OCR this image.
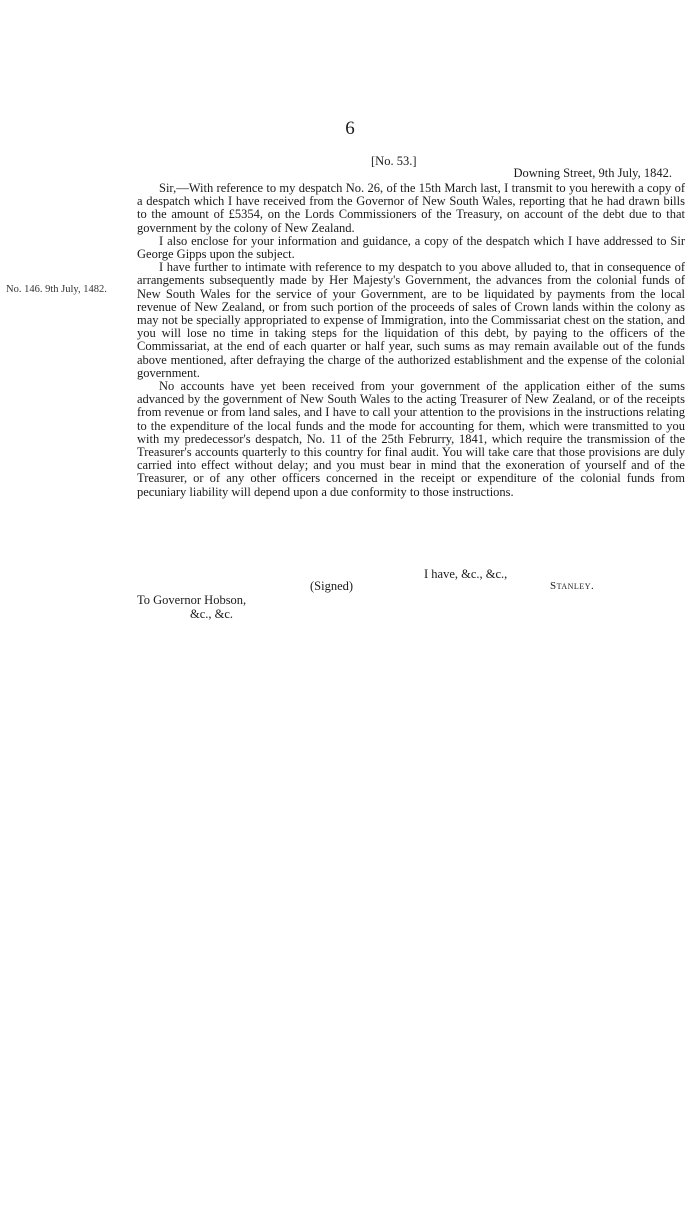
6
[No. 53.]
Downing Street, 9th July, 1842.
No. 146. 9th July, 1482.

Sir,—With reference to my despatch No. 26, of the 15th March last, I transmit to you herewith a copy of a despatch which I have received from the Governor of New South Wales, reporting that he had drawn bills to the amount of £5354, on the Lords Commissioners of the Treasury, on account of the debt due to that government by the colony of New Zealand.

I also enclose for your information and guidance, a copy of the despatch which I have addressed to Sir George Gipps upon the subject.

I have further to intimate with reference to my despatch to you above alluded to, that in consequence of arrangements subsequently made by Her Majesty's Government, the advances from the colonial funds of New South Wales for the service of your Government, are to be liquidated by payments from the local revenue of New Zealand, or from such portion of the proceeds of sales of Crown lands within the colony as may not be specially appropriated to expense of Immigration, into the Commissariat chest on the station, and you will lose no time in taking steps for the liquidation of this debt, by paying to the officers of the Commissariat, at the end of each quarter or half year, such sums as may remain available out of the funds above mentioned, after defraying the charge of the authorized establishment and the expense of the colonial government.

No accounts have yet been received from your government of the application either of the sums advanced by the government of New South Wales to the acting Treasurer of New Zealand, or of the receipts from revenue or from land sales, and I have to call your attention to the provisions in the instructions relating to the expenditure of the local funds and the mode for accounting for them, which were transmitted to you with my predecessor's despatch, No. 11 of the 25th Februrry, 1841, which require the transmission of the Treasurer's accounts quarterly to this country for final audit. You will take care that those provisions are duly carried into effect without delay; and you must bear in mind that the exoneration of yourself and of the Treasurer, or of any other officers concerned in the receipt or expenditure of the colonial funds from pecuniary liability will depend upon a due conformity to those instructions.

I have, &c., &c.,
(Signed)	Stanley.
To Governor Hobson,
&c., &c.
